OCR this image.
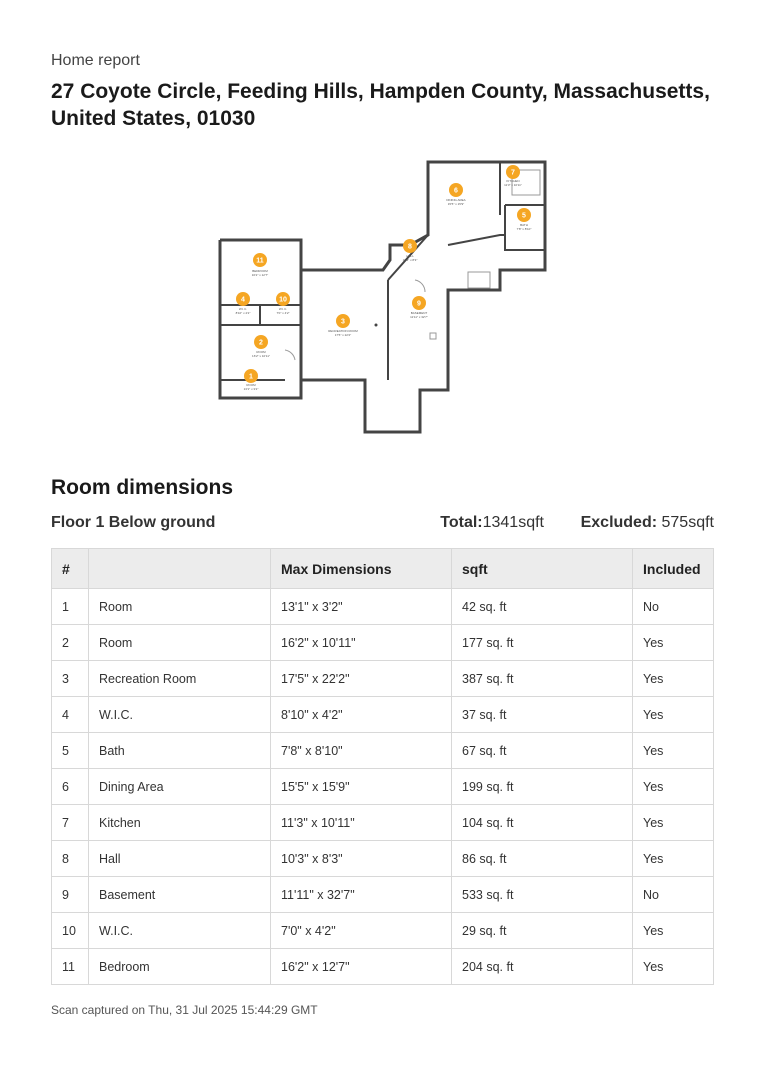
Home report
27 Coyote Circle, Feeding Hills, Hampden County, Massachusetts, United States, 01030
11
BEDROOM
16'2" x 12'7"
4
W.I.C.
8'10" x 4'2"
10
W.I.C.
7'0" x 4'2"
2
ROOM
16'2" x 10'11"
1
ROOM
13'1" x 3'2"
3
RECREATION ROOM
17'5" x 22'2"
8
HALL
10'3" x 8'3"
9
BASEMENT
11'11" x 32'7"
6
DINING AREA
15'5" x 15'9"
7
KITCHEN
11'3" x 10'11"
5
BATH
7'8" x 8'10"
Room dimensions
Floor 1 Below ground	Total:1341sqft Excluded: 575sqft
#		Max Dimensions	sqft	Included
1	Room	13'1" x 3'2"	42 sq. ft	No
2	Room	16'2" x 10'11"	177 sq. ft	Yes
3	Recreation Room	17'5" x 22'2"	387 sq. ft	Yes
4	W.I.C.	8'10" x 4'2"	37 sq. ft	Yes
5	Bath	7'8" x 8'10"	67 sq. ft	Yes
6	Dining Area	15'5" x 15'9"	199 sq. ft	Yes
7	Kitchen	11'3" x 10'11"	104 sq. ft	Yes
8	Hall	10'3" x 8'3"	86 sq. ft	Yes
9	Basement	11'11" x 32'7"	533 sq. ft	No
10	W.I.C.	7'0" x 4'2"	29 sq. ft	Yes
11	Bedroom	16'2" x 12'7"	204 sq. ft	Yes
Scan captured on Thu, 31 Jul 2025 15:44:29 GMT
